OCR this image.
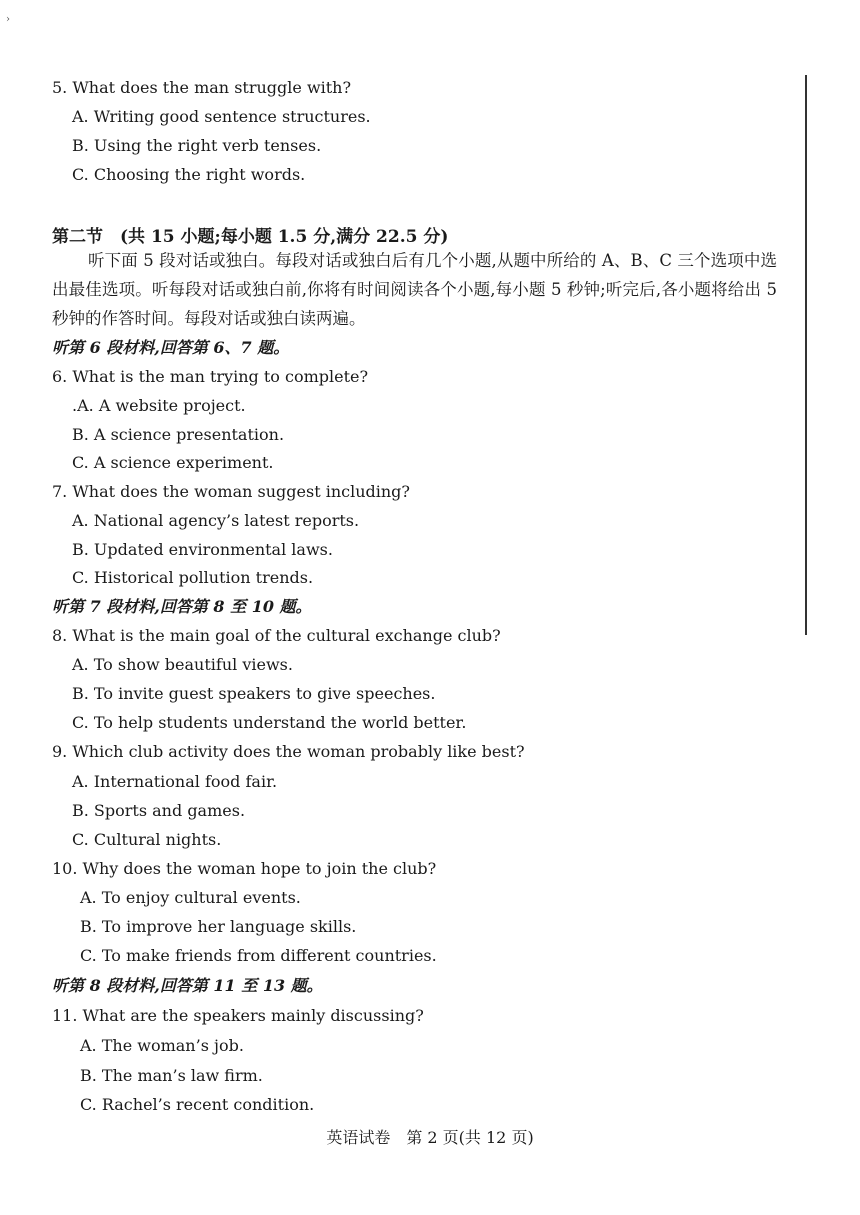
›
5. What does the man struggle with?
A. Writing good sentence structures.
B. Using the right verb tenses.
C. Choosing the right words.
第二节　(共 15 小题;每小题 1.5 分,满分 22.5 分)
听下面 5 段对话或独白。每段对话或独白后有几个小题,从题中所给的 A、B、C 三个选项中选出最佳选项。听每段对话或独白前,你将有时间阅读各个小题,每小题 5 秒钟;听完后,各小题将给出 5 秒钟的作答时间。每段对话或独白读两遍。
听第 6 段材料,回答第 6、7 题。
6. What is the man trying to complete?
.A. A website project.
B. A science presentation.
C. A science experiment.
7. What does the woman suggest including?
A. National agency’s latest reports.
B. Updated environmental laws.
C. Historical pollution trends.
听第 7 段材料,回答第 8 至 10 题。
8. What is the main goal of the cultural exchange club?
A. To show beautiful views.
B. To invite guest speakers to give speeches.
C. To help students understand the world better.
9. Which club activity does the woman probably like best?
A. International food fair.
B. Sports and games.
C. Cultural nights.
10. Why does the woman hope to join the club?
A. To enjoy cultural events.
B. To improve her language skills.
C. To make friends from different countries.
听第 8 段材料,回答第 11 至 13 题。
11. What are the speakers mainly discussing?
A. The woman’s job.
B. The man’s law firm.
C. Rachel’s recent condition.
英语试卷　第 2 页(共 12 页)
